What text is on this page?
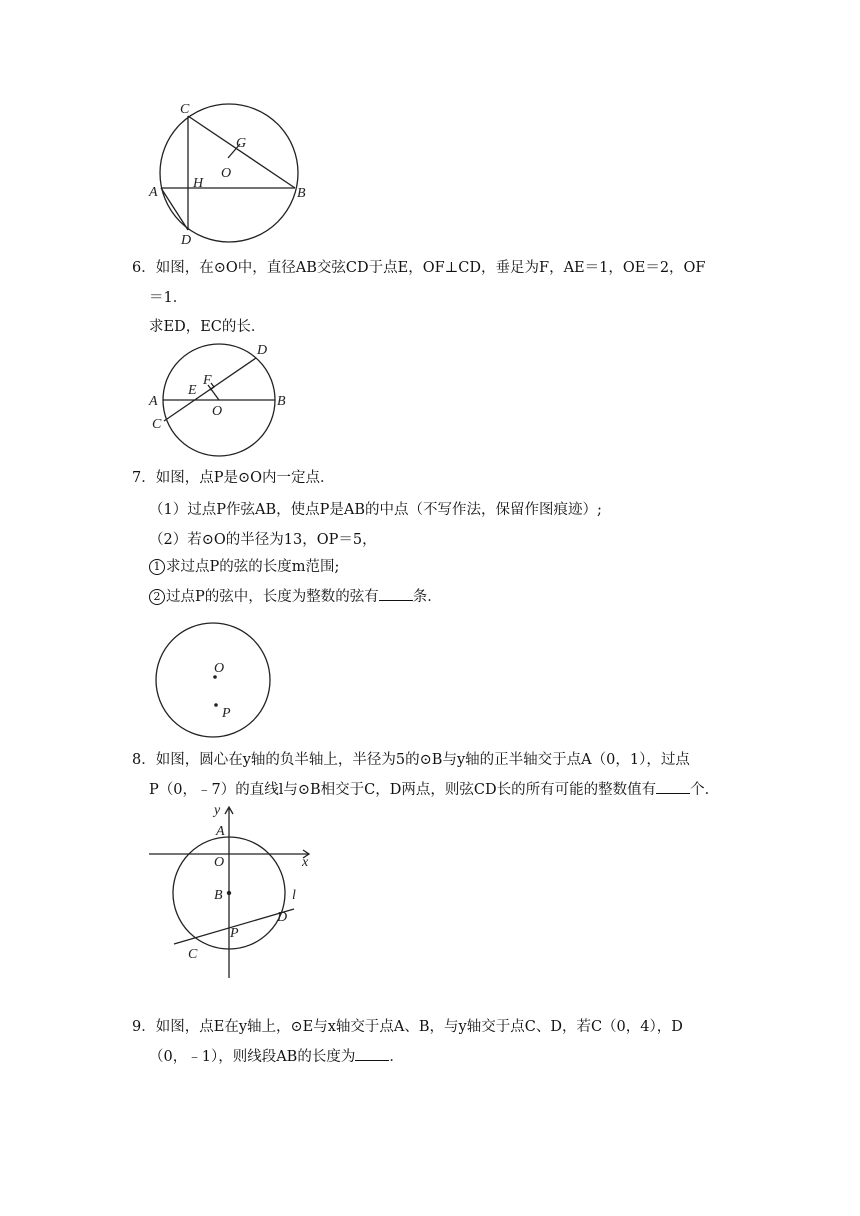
C
G
O
A
H
B
D
6．如图，在⊙O中，直径AB交弦CD于点E，OF⊥CD，垂足为F，AE＝1，OE＝2，OF
＝1．
求ED，EC的长．
D
F
E
A
O
B
C
7．如图，点P是⊙O内一定点．
（1）过点P作弦AB，使点P是AB的中点（不写作法，保留作图痕迹）;
（2）若⊙O的半径为13，OP＝5，
1 求过点P的弦的长度m范围;
2 过点P的弦中，长度为整数的弦有 条．
O
P
8．如图，圆心在y轴的负半轴上，半径为5的⊙B与y轴的正半轴交于点A（0，1），过点
P（0，﹣7）的直线l与⊙B相交于C，D两点，则弦CD长的所有可能的整数值有 个．
y
A
O	x
B	l
D
P
C
9．如图，点E在y轴上，⊙E与x轴交于点A、B，与y轴交于点C、D，若C（0，4），D
（0，﹣1），则线段AB的长度为 ．
